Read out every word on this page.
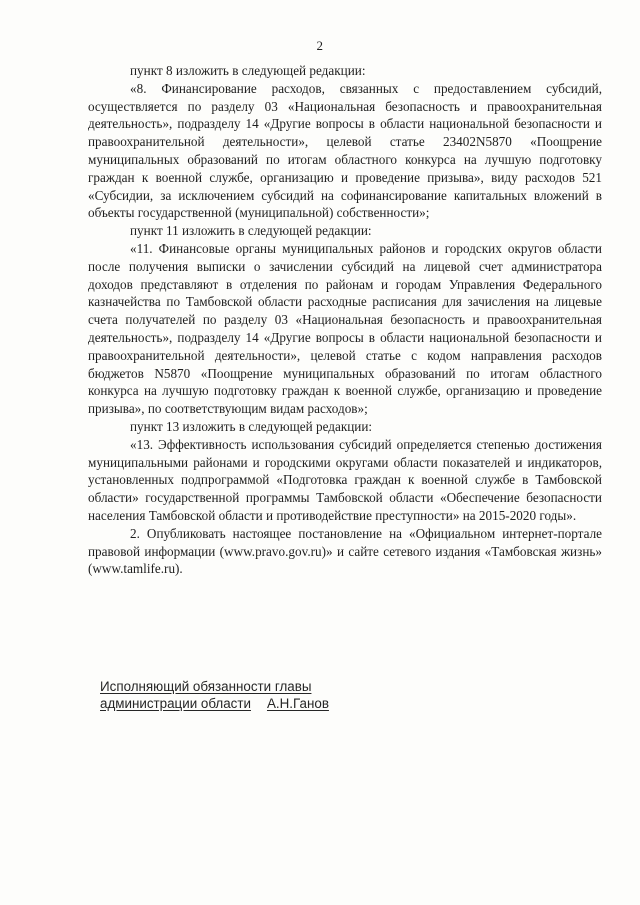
2

пункт 8 изложить в следующей редакции:

«8. Финансирование расходов, связанных с предоставлением субсидий, осуществляется по разделу 03 «Национальная безопасность и правоохранительная деятельность», подразделу 14 «Другие вопросы в области национальной безопасности и правоохранительной деятельности», целевой статье 23402N5870 «Поощрение муниципальных образований по итогам областного конкурса на лучшую подготовку граждан к военной службе, организацию и проведение призыва», виду расходов 521 «Субсидии, за исключением субсидий на софинансирование капитальных вложений в объекты государственной (муниципальной) собственности»;

пункт 11 изложить в следующей редакции:

«11. Финансовые органы муниципальных районов и городских округов области после получения выписки о зачислении субсидий на лицевой счет администратора доходов представляют в отделения по районам и городам Управления Федерального казначейства по Тамбовской области расходные расписания для зачисления на лицевые счета получателей по разделу 03 «Национальная безопасность и правоохранительная деятельность», подразделу 14 «Другие вопросы в области национальной безопасности и правоохранительной деятельности», целевой статье с кодом направления расходов бюджетов N5870 «Поощрение муниципальных образований по итогам областного конкурса на лучшую подготовку граждан к военной службе, организацию и проведение призыва», по соответствующим видам расходов»;

пункт 13 изложить в следующей редакции:

«13. Эффективность использования субсидий определяется степенью достижения муниципальными районами и городскими округами области показателей и индикаторов, установленных подпрограммой «Подготовка граждан к военной службе в Тамбовской области» государственной программы Тамбовской области «Обеспечение безопасности населения Тамбовской области и противодействие преступности» на 2015-2020 годы».

2. Опубликовать настоящее постановление на «Официальном интернет-портале правовой информации (www.pravo.gov.ru)» и сайте сетевого издания «Тамбовская жизнь» (www.tamlife.ru).

Исполняющий обязанности главы
администрации области А.Н.Ганов
